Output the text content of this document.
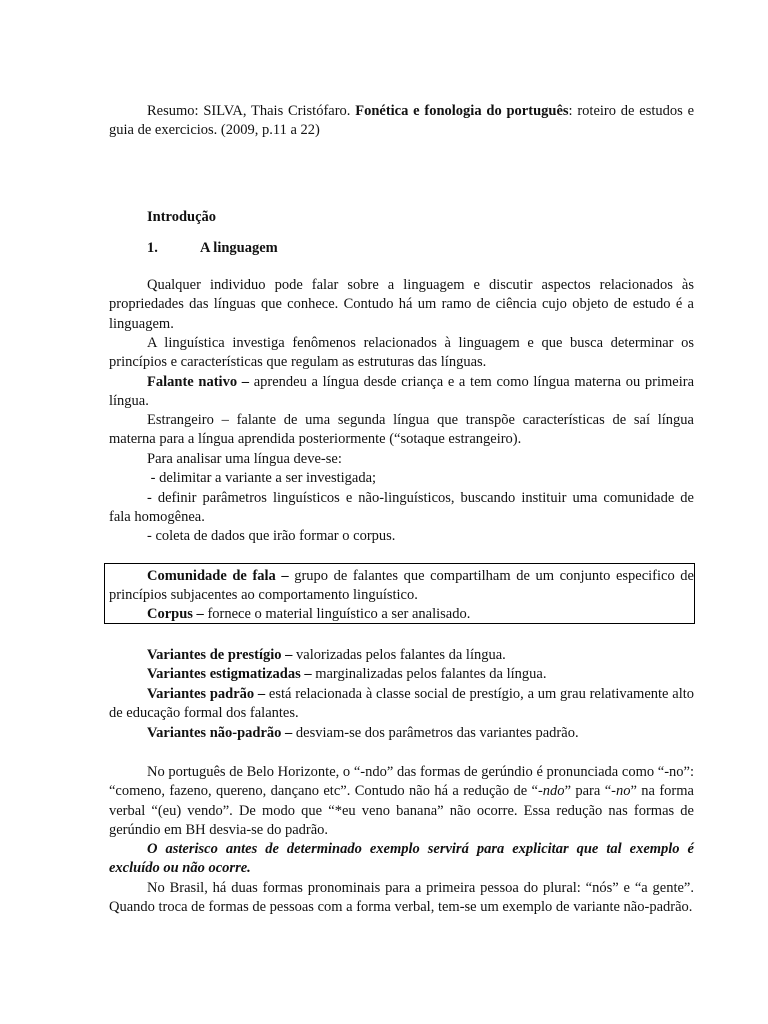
Resumo: SILVA, Thais Cristófaro. Fonética e fonologia do português: roteiro de estudos e guia de exercicios. (2009, p.11 a 22)

Introdução

1.	A linguagem

Qualquer individuo pode falar sobre a linguagem e discutir aspectos relacionados às propriedades das línguas que conhece. Contudo há um ramo de ciência cujo objeto de estudo é a linguagem.

A linguística investiga fenômenos relacionados à linguagem e que busca determinar os princípios e características que regulam as estruturas das línguas.

Falante nativo – aprendeu a língua desde criança e a tem como língua materna ou primeira língua.

Estrangeiro – falante de uma segunda língua que transpõe características de saí língua materna para a língua aprendida posteriormente (“sotaque estrangeiro).

Para analisar uma língua deve-se:

- delimitar a variante a ser investigada;

- definir parâmetros linguísticos e não-linguísticos, buscando instituir uma comunidade de fala homogênea.

- coleta de dados que irão formar o corpus.

Comunidade de fala – grupo de falantes que compartilham de um conjunto especifico de princípios subjacentes ao comportamento linguístico.

Corpus – fornece o material linguístico a ser analisado.

Variantes de prestígio – valorizadas pelos falantes da língua.

Variantes estigmatizadas – marginalizadas pelos falantes da língua.

Variantes padrão – está relacionada à classe social de prestígio, a um grau relativamente alto de educação formal dos falantes.

Variantes não-padrão – desviam-se dos parâmetros das variantes padrão.

No português de Belo Horizonte, o “-ndo” das formas de gerúndio é pronunciada como “-no”: “comeno, fazeno, quereno, dançano etc”. Contudo não há a redução de “-ndo” para “-no” na forma verbal “(eu) vendo”. De modo que “*eu veno banana” não ocorre. Essa redução nas formas de gerúndio em BH desvia-se do padrão.

O asterisco antes de determinado exemplo servirá para explicitar que tal exemplo é excluído ou não ocorre.

No Brasil, há duas formas pronominais para a primeira pessoa do plural: “nós” e “a gente”. Quando troca de formas de pessoas com a forma verbal, tem-se um exemplo de variante não-padrão.
